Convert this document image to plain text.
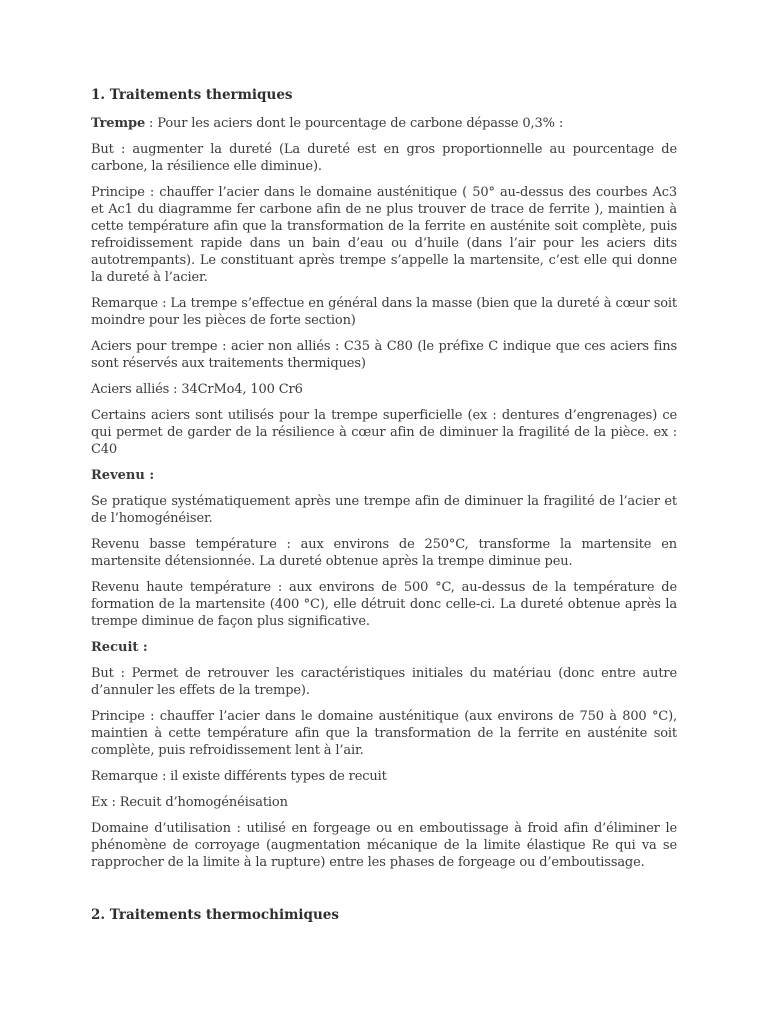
1. Traitements thermiques

Trempe : Pour les aciers dont le pourcentage de carbone dépasse 0,3% :

But : augmenter la dureté (La dureté est en gros proportionnelle au pourcentage de carbone, la résilience elle diminue).

Principe : chauffer l’acier dans le domaine austénitique ( 50° au-dessus des courbes Ac3 et Ac1 du diagramme fer carbone afin de ne plus trouver de trace de ferrite ), maintien à cette température afin que la transformation de la ferrite en austénite soit complète, puis refroidissement rapide dans un bain d’eau ou d’huile (dans l’air pour les aciers dits autotrempants). Le constituant après trempe s’appelle la martensite, c’est elle qui donne la dureté à l’acier.

Remarque : La trempe s’effectue en général dans la masse (bien que la dureté à cœur soit moindre pour les pièces de forte section)

Aciers pour trempe : acier non alliés : C35 à C80 (le préfixe C indique que ces aciers fins sont réservés aux traitements thermiques)

Aciers alliés : 34CrMo4, 100 Cr6

Certains aciers sont utilisés pour la trempe superficielle (ex : dentures d’engrenages) ce qui permet de garder de la résilience à cœur afin de diminuer la fragilité de la pièce. ex : C40

Revenu :

Se pratique systématiquement après une trempe afin de diminuer la fragilité de l’acier et de l’homogénéiser.

Revenu basse température : aux environs de 250°C, transforme la martensite en martensite détensionnée. La dureté obtenue après la trempe diminue peu.

Revenu haute température : aux environs de 500 °C, au-dessus de la température de formation de la martensite (400 °C), elle détruit donc celle-ci. La dureté obtenue après la trempe diminue de façon plus significative.

Recuit :

But : Permet de retrouver les caractéristiques initiales du matériau (donc entre autre d’annuler les effets de la trempe).

Principe : chauffer l’acier dans le domaine austénitique (aux environs de 750 à 800 °C), maintien à cette température afin que la transformation de la ferrite en austénite soit complète, puis refroidissement lent à l’air.

Remarque : il existe différents types de recuit

Ex : Recuit d’homogénéisation

Domaine d’utilisation : utilisé en forgeage ou en emboutissage à froid afin d’éliminer le phénomène de corroyage (augmentation mécanique de la limite élastique Re qui va se rapprocher de la limite à la rupture) entre les phases de forgeage ou d’emboutissage.

2. Traitements thermochimiques
